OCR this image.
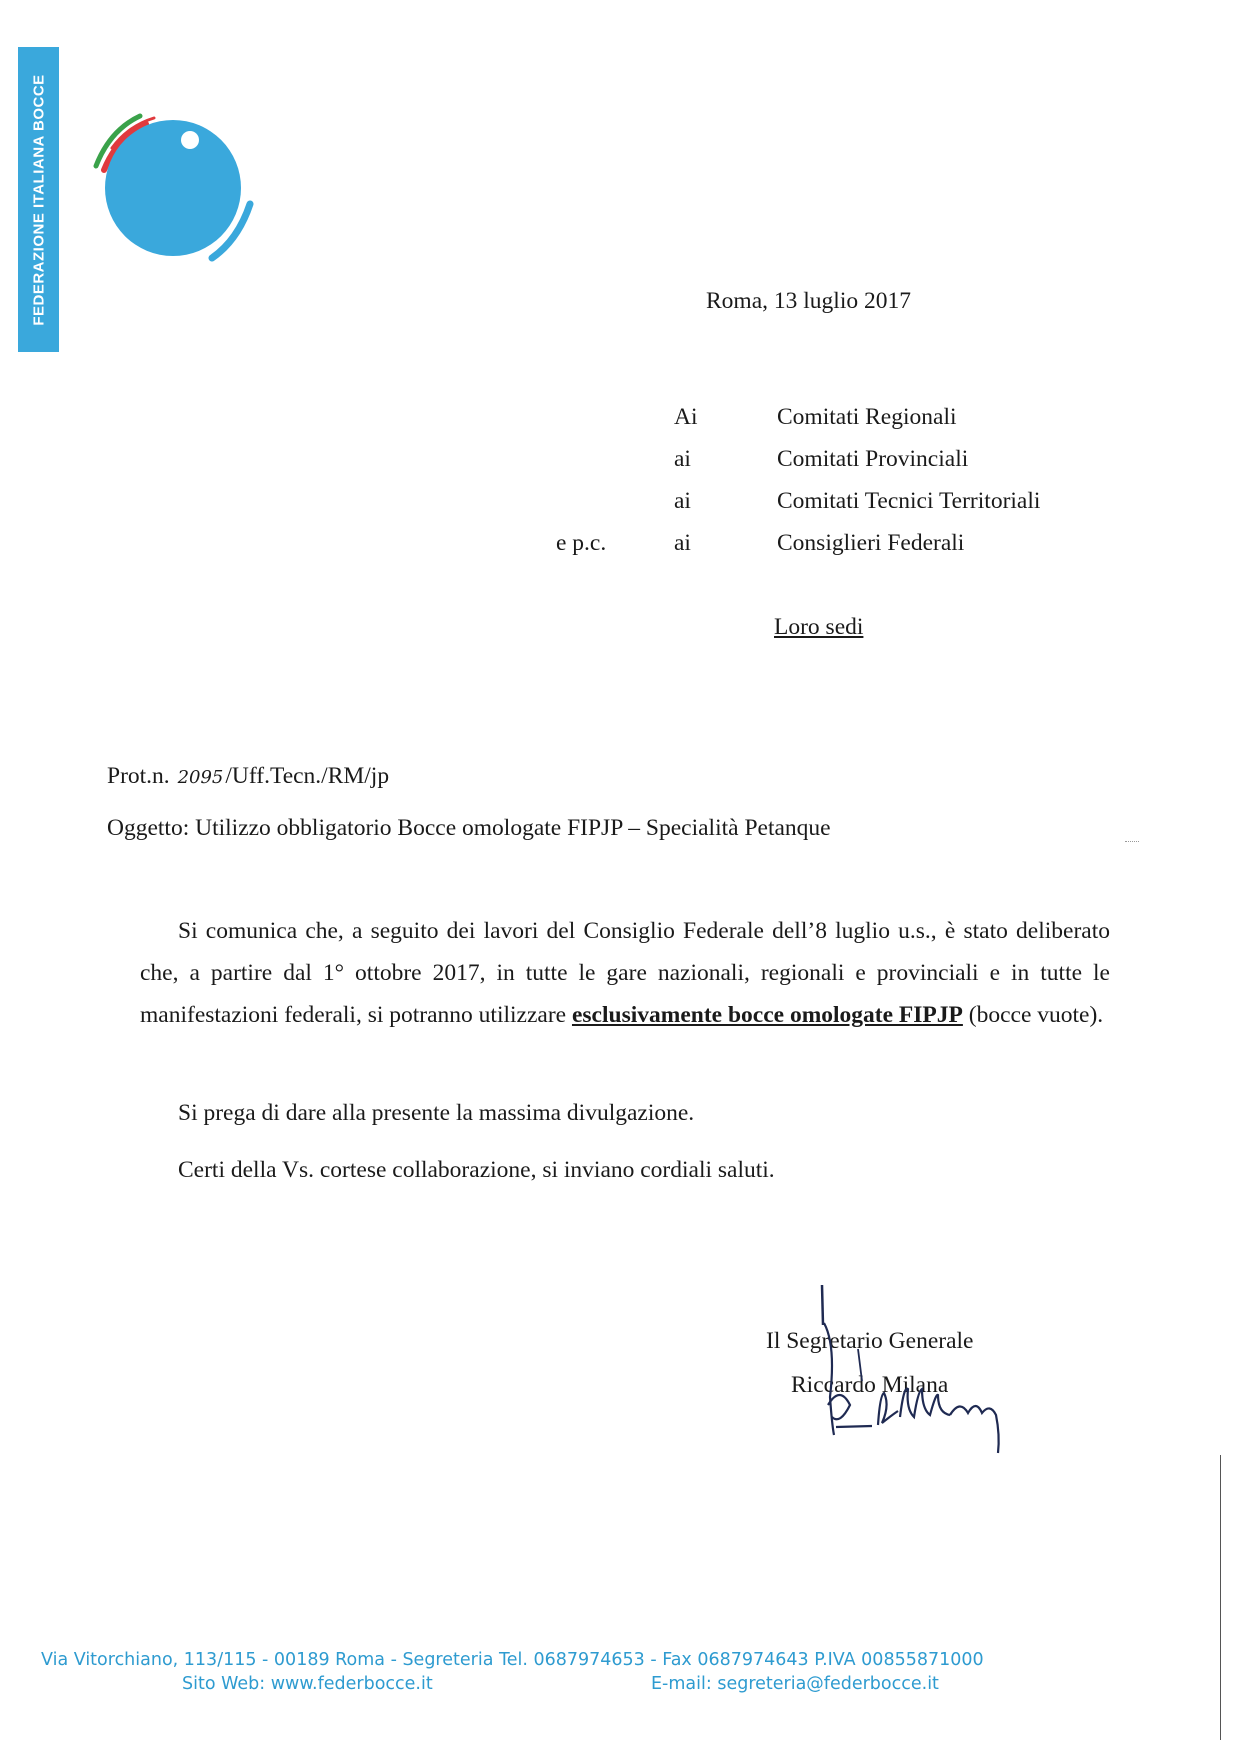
FEDERAZIONE ITALIANA BOCCE	Roma, 13 luglio 2017
Ai	Comitati Regionali
ai	Comitati Provinciali
ai	Comitati Tecnici Territoriali
e p.c.	ai	Consiglieri Federali
Loro sedi
Prot.n. 2095/Uff.Tecn./RM/jp
Oggetto: Utilizzo obbligatorio Bocce omologate FIPJP – Specialità Petanque
Si comunica che, a seguito dei lavori del Consiglio Federale dell’8 luglio u.s., è stato deliberato che, a partire dal 1° ottobre 2017, in tutte le gare nazionali, regionali e provinciali e in tutte le manifestazioni federali, si potranno utilizzare esclusivamente bocce omologate FIPJP (bocce vuote).
Si prega di dare alla presente la massima divulgazione.
Certi della Vs. cortese collaborazione, si inviano cordiali saluti.
Il Segretario Generale
Riccardo Milana
Via Vitorchiano, 113/115 - 00189 Roma - Segreteria Tel. 0687974653 - Fax 0687974643 P.IVA 00855871000
Sito Web: www.federbocce.it	E-mail: segreteria@federbocce.it
